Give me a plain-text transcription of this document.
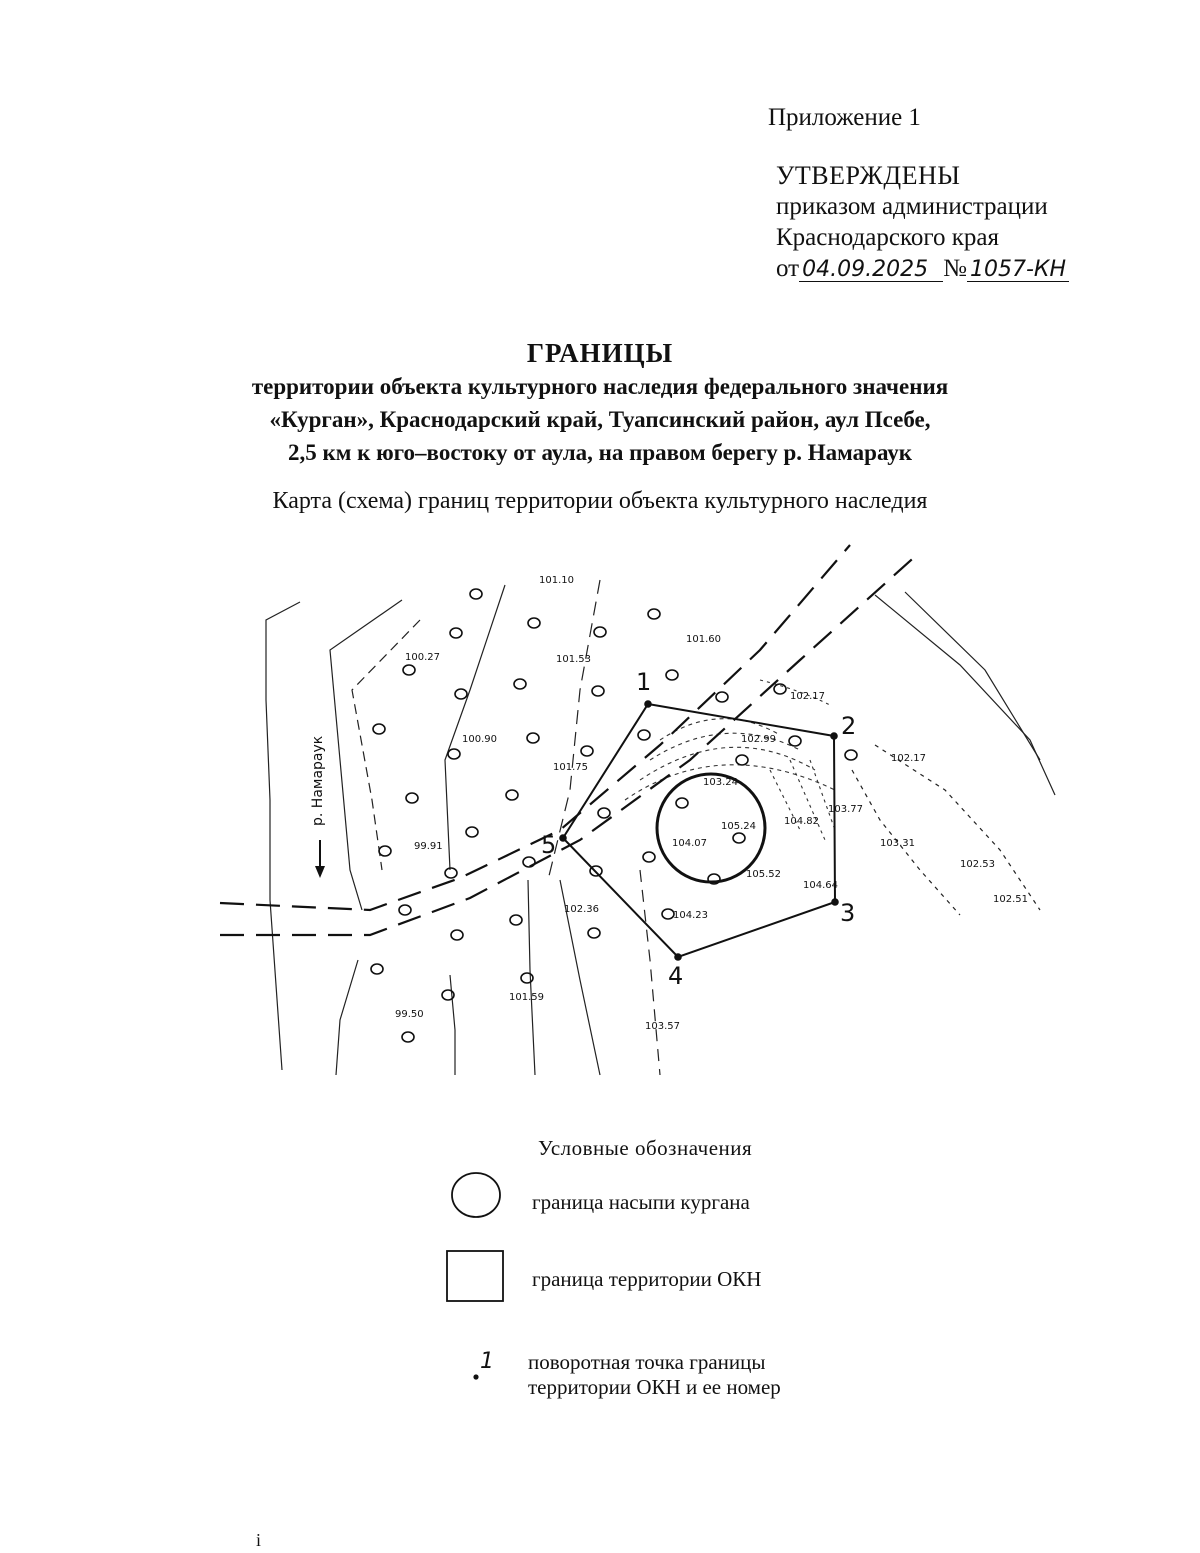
Приложение 1
УТВЕРЖДЕНЫ
приказом администрации
Краснодарского края
от 04.09.2025 № 1057-КН
ГРАНИЦЫ
территории объекта культурного наследия федерального значения
«Курган», Краснодарский край, Туапсинский район, аул Псебе,
2,5 км к юго–востоку от аула, на правом берегу р. Намараук
Карта (схема) границ территории объекта культурного наследия
р. Намараук
1
2
3
4
5
101.10
101.60
100.27	101.53
102.17
100.90
101.75
102.99
102.17
103.24
103.77
105.24	104.82
104.07	103.31
99.91
105.52
104.64
102.53
102.51
102.36
104.23
101.59
99.50
103.57
1
Условные обозначения
граница насыпи кургана
граница территории ОКН
поворотная точка границы
территории ОКН и ее номер
i
